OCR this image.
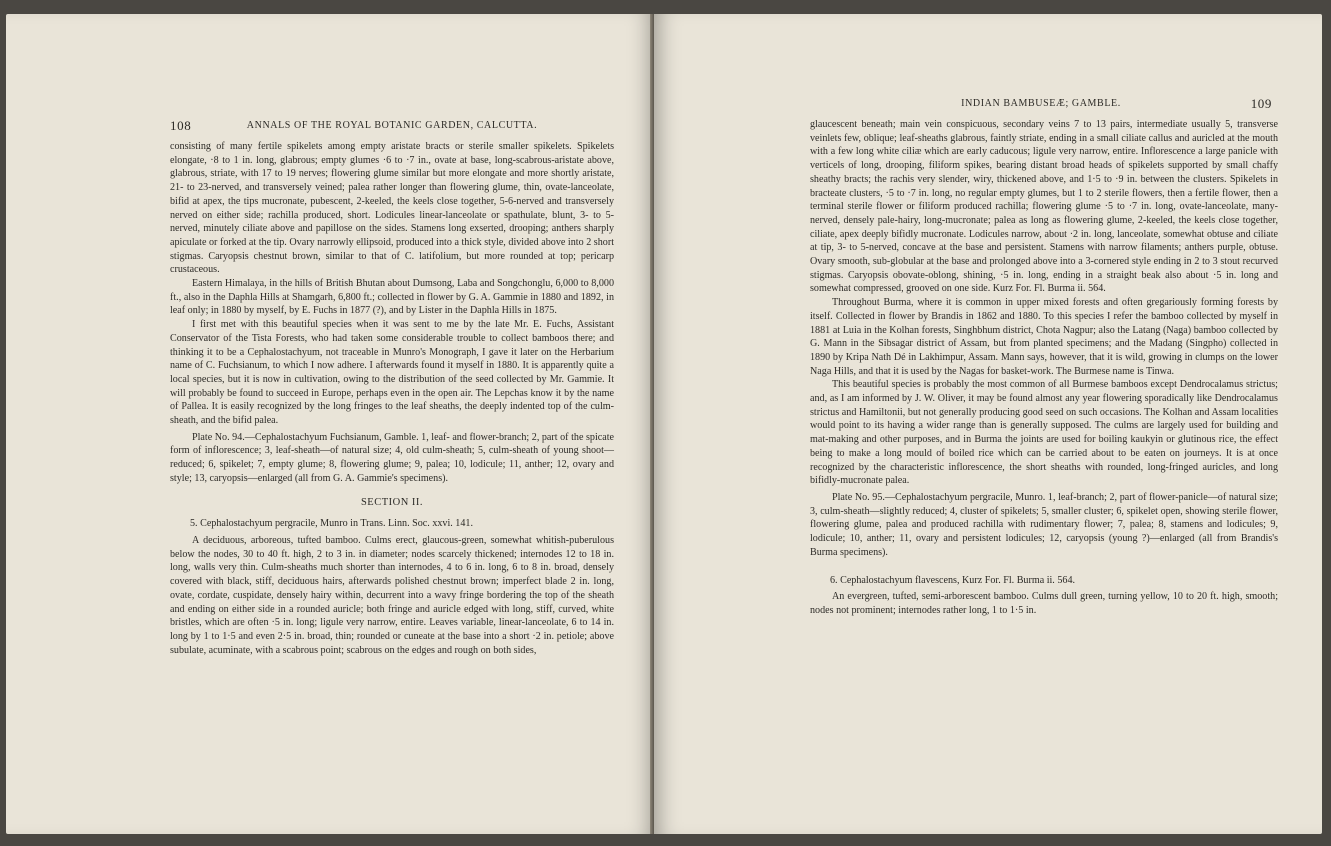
108	ANNALS OF THE ROYAL BOTANIC GARDEN, CALCUTTA.

consisting of many fertile spikelets among empty aristate bracts or sterile smaller spikelets. Spikelets elongate, ·8 to 1 in. long, glabrous; empty glumes ·6 to ·7 in., ovate at base, long-scabrous-aristate above, glabrous, striate, with 17 to 19 nerves; flowering glume similar but more elongate and more shortly aristate, 21- to 23-nerved, and transversely veined; palea rather longer than flowering glume, thin, ovate-lanceolate, bifid at apex, the tips mucronate, pubescent, 2-keeled, the keels close together, 5-6-nerved and transversely nerved on either side; rachilla produced, short. Lodicules linear-lanceolate or spathulate, blunt, 3- to 5-nerved, minutely ciliate above and papillose on the sides. Stamens long exserted, drooping; anthers sharply apiculate or forked at the tip. Ovary narrowly ellipsoid, produced into a thick style, divided above into 2 short stigmas. Caryopsis chestnut brown, similar to that of C. latifolium, but more rounded at top; pericarp crustaceous.

Eastern Himalaya, in the hills of British Bhutan about Dumsong, Laba and Songchonglu, 6,000 to 8,000 ft., also in the Daphla Hills at Shamgarh, 6,800 ft.; collected in flower by G. A. Gammie in 1880 and 1892, in leaf only; in 1880 by myself, by E. Fuchs in 1877 (?), and by Lister in the Daphla Hills in 1875.

I first met with this beautiful species when it was sent to me by the late Mr. E. Fuchs, Assistant Conservator of the Tista Forests, who had taken some considerable trouble to collect bamboos there; and thinking it to be a Cephalostachyum, not traceable in Munro's Monograph, I gave it later on the Herbarium name of C. Fuchsianum, to which I now adhere. I afterwards found it myself in 1880. It is apparently quite a local species, but it is now in cultivation, owing to the distribution of the seed collected by Mr. Gammie. It will probably be found to succeed in Europe, perhaps even in the open air. The Lepchas know it by the name of Pallea. It is easily recognized by the long fringes to the leaf sheaths, the deeply indented top of the culm-sheath, and the bifid palea.

Plate No. 94.—Cephalostachyum Fuchsianum, Gamble. 1, leaf- and flower-branch; 2, part of the spicate form of inflorescence; 3, leaf-sheath—of natural size; 4, old culm-sheath; 5, culm-sheath of young shoot—reduced; 6, spikelet; 7, empty glume; 8, flowering glume; 9, palea; 10, lodicule; 11, anther; 12, ovary and style; 13, caryopsis—enlarged (all from G. A. Gammie's specimens).

SECTION II.

5. Cephalostachyum pergracile, Munro in Trans. Linn. Soc. xxvi. 141.

A deciduous, arboreous, tufted bamboo. Culms erect, glaucous-green, somewhat whitish-puberulous below the nodes, 30 to 40 ft. high, 2 to 3 in. in diameter; nodes scarcely thickened; internodes 12 to 18 in. long, walls very thin. Culm-sheaths much shorter than internodes, 4 to 6 in. long, 6 to 8 in. broad, densely covered with black, stiff, deciduous hairs, afterwards polished chestnut brown; imperfect blade 2 in. long, ovate, cordate, cuspidate, densely hairy within, decurrent into a wavy fringe bordering the top of the sheath and ending on either side in a rounded auricle; both fringe and auricle edged with long, stiff, curved, white bristles, which are often ·5 in. long; ligule very narrow, entire. Leaves variable, linear-lanceolate, 6 to 14 in. long by 1 to 1·5 and even 2·5 in. broad, thin; rounded or cuneate at the base into a short ·2 in. petiole; above subulate, acuminate, with a scabrous point; scabrous on the edges and rough on both sides,

INDIAN BAMBUSEÆ; GAMBLE.	109

glaucescent beneath; main vein conspicuous, secondary veins 7 to 13 pairs, intermediate usually 5, transverse veinlets few, oblique; leaf-sheaths glabrous, faintly striate, ending in a small ciliate callus and auricled at the mouth with a few long white ciliæ which are early caducous; ligule very narrow, entire. Inflorescence a large panicle with verticels of long, drooping, filiform spikes, bearing distant broad heads of spikelets supported by small chaffy sheathy bracts; the rachis very slender, wiry, thickened above, and 1·5 to ·9 in. between the clusters. Spikelets in bracteate clusters, ·5 to ·7 in. long, no regular empty glumes, but 1 to 2 sterile flowers, then a fertile flower, then a terminal sterile flower or filiform produced rachilla; flowering glume ·5 to ·7 in. long, ovate-lanceolate, many-nerved, densely pale-hairy, long-mucronate; palea as long as flowering glume, 2-keeled, the keels close together, ciliate, apex deeply bifidly mucronate. Lodicules narrow, about ·2 in. long, lanceolate, somewhat obtuse and ciliate at tip, 3- to 5-nerved, concave at the base and persistent. Stamens with narrow filaments; anthers purple, obtuse. Ovary smooth, sub-globular at the base and prolonged above into a 3-cornered style ending in 2 to 3 stout recurved stigmas. Caryopsis obovate-oblong, shining, ·5 in. long, ending in a straight beak also about ·5 in. long and somewhat compressed, grooved on one side. Kurz For. Fl. Burma ii. 564.

Throughout Burma, where it is common in upper mixed forests and often gregariously forming forests by itself. Collected in flower by Brandis in 1862 and 1880. To this species I refer the bamboo collected by myself in 1881 at Luia in the Kolhan forests, Singhbhum district, Chota Nagpur; also the Latang (Naga) bamboo collected by G. Mann in the Sibsagar district of Assam, but from planted specimens; and the Madang (Singpho) collected in 1890 by Kripa Nath Dé in Lakhimpur, Assam. Mann says, however, that it is wild, growing in clumps on the lower Naga Hills, and that it is used by the Nagas for basket-work. The Burmese name is Tinwa.

This beautiful species is probably the most common of all Burmese bamboos except Dendrocalamus strictus; and, as I am informed by J. W. Oliver, it may be found almost any year flowering sporadically like Dendrocalamus strictus and Hamiltonii, but not generally producing good seed on such occasions. The Kolhan and Assam localities would point to its having a wider range than is generally supposed. The culms are largely used for building and mat-making and other purposes, and in Burma the joints are used for boiling kaukyin or glutinous rice, the effect being to make a long mould of boiled rice which can be carried about to be eaten on journeys. It is at once recognized by the characteristic inflorescence, the short sheaths with rounded, long-fringed auricles, and long bifidly-mucronate palea.

Plate No. 95.—Cephalostachyum pergracile, Munro. 1, leaf-branch; 2, part of flower-panicle—of natural size; 3, culm-sheath—slightly reduced; 4, cluster of spikelets; 5, smaller cluster; 6, spikelet open, showing sterile flower, flowering glume, palea and produced rachilla with rudimentary flower; 7, palea; 8, stamens and lodicules; 9, lodicule; 10, anther; 11, ovary and persistent lodicules; 12, caryopsis (young ?)—enlarged (all from Brandis's Burma specimens).

6. Cephalostachyum flavescens, Kurz For. Fl. Burma ii. 564.

An evergreen, tufted, semi-arborescent bamboo. Culms dull green, turning yellow, 10 to 20 ft. high, smooth; nodes not prominent; internodes rather long, 1 to 1·5 in.
